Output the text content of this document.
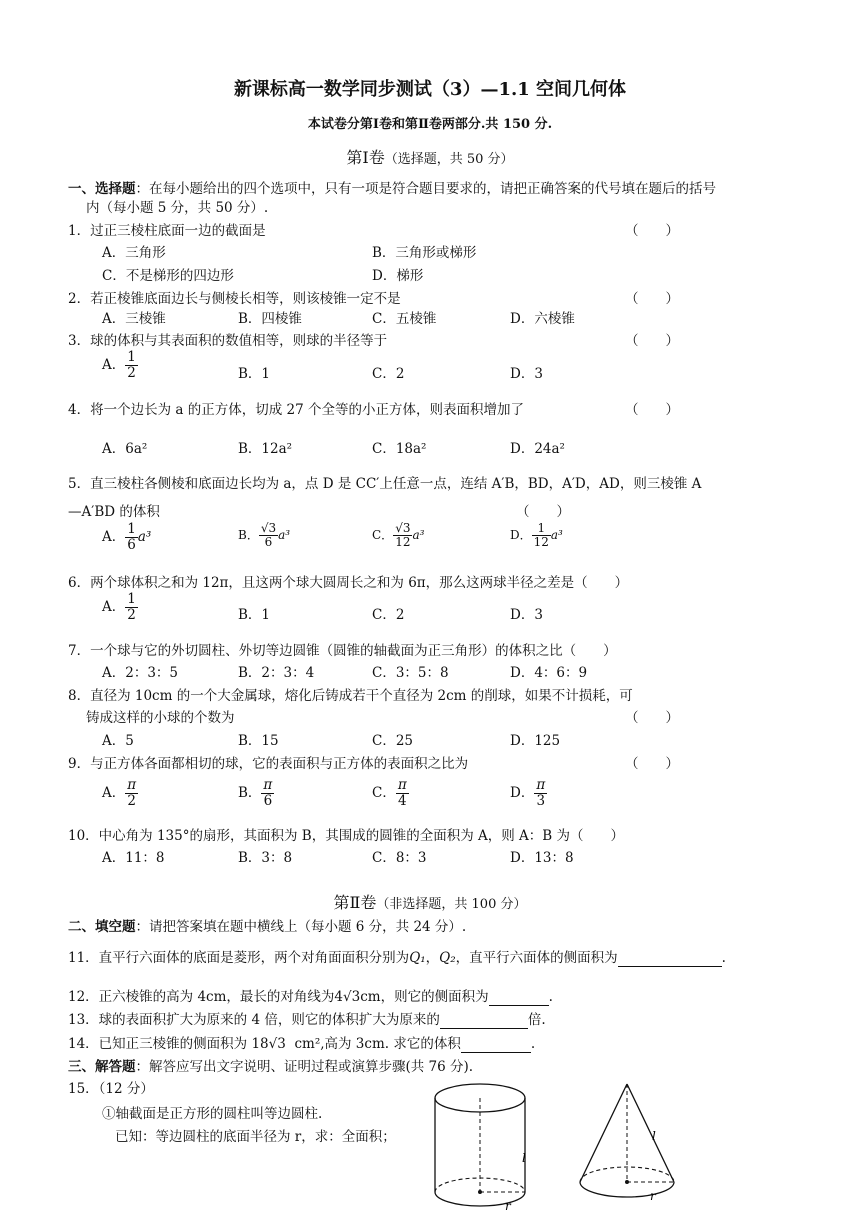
新课标高一数学同步测试（3）—1.1 空间几何体
本试卷分第Ⅰ卷和第Ⅱ卷两部分.共 150 分.
第Ⅰ卷（选择题，共 50 分）
一、选择题：在每小题给出的四个选项中，只有一项是符合题目要求的，请把正确答案的代号填在题后的括号
内（每小题 5 分，共 50 分）.
1．过正三棱柱底面一边的截面是	（　　）
A．三角形	B．三角形或梯形
C．不是梯形的四边形	D．梯形
2．若正棱锥底面边长与侧棱长相等，则该棱锥一定不是	（　　）
A．三棱锥	B．四棱锥	C．五棱锥	D．六棱锥
3．球的体积与其表面积的数值相等，则球的半径等于	（　　）
A． $\frac{1}{2}$	B．1	C．2	D．3
4．将一个边长为 a 的正方体，切成 27 个全等的小正方体，则表面积增加了	（　　）
A．6a²	B．12a²	C．18a²	D．24a²
5．直三棱柱各侧棱和底面边长均为 a，点 D 是 CC′上任意一点，连结 A′B，BD，A′D，AD，则三棱锥 A
—A′BD 的体积	（　　）
A． $\frac{1}{6} a^3$	B． $\frac{√3}{6} a^3$	C． $\frac{√3}{12} a^3$	D． $\frac{1}{12} a^3$
6．两个球体积之和为 12π，且这两个球大圆周长之和为 6π，那么这两球半径之差是（　　）
A． $\frac{1}{2}$	B．1	C．2	D．3
7．一个球与它的外切圆柱、外切等边圆锥（圆锥的轴截面为正三角形）的体积之比（　　）
A．2：3：5	B．2：3：4	C．3：5：8	D．4：6：9
8．直径为 10cm 的一个大金属球，熔化后铸成若干个直径为 2cm 的削球，如果不计损耗，可
铸成这样的小球的个数为	（　　）
A．5	B．15	C．25	D．125
9．与正方体各面都相切的球，它的表面积与正方体的表面积之比为	（　　）
A． $\frac{\pi}{2}$	B． $\frac{\pi}{6}$	C． $\frac{\pi}{4}$	D． $\frac{\pi}{3}$
10．中心角为 135°的扇形，其面积为 B，其围成的圆锥的全面积为 A，则 A：B 为（　　）
A．11：8	B．3：8	C．8：3	D．13：8
第Ⅱ卷（非选择题，共 100 分）
二、填空题：请把答案填在题中横线上（每小题 6 分，共 24 分）.
11．直平行六面体的底面是菱形，两个对角面面积分别为Q₁，Q₂，直平行六面体的侧面积为	.
12．正六棱锥的高为 4cm，最长的对角线为4√3cm，则它的侧面积为	.
13．球的表面积扩大为原来的 4 倍，则它的体积扩大为原来的	倍.
14．已知正三棱锥的侧面积为 18√3 cm²,高为 3cm. 求它的体积	.
三、解答题：解答应写出文字说明、证明过程或演算步骤(共 76 分).
15．（12 分）
①轴截面是正方形的圆柱叫等边圆柱.
已知：等边圆柱的底面半径为 r，求：全面积；
l
r
l
r
